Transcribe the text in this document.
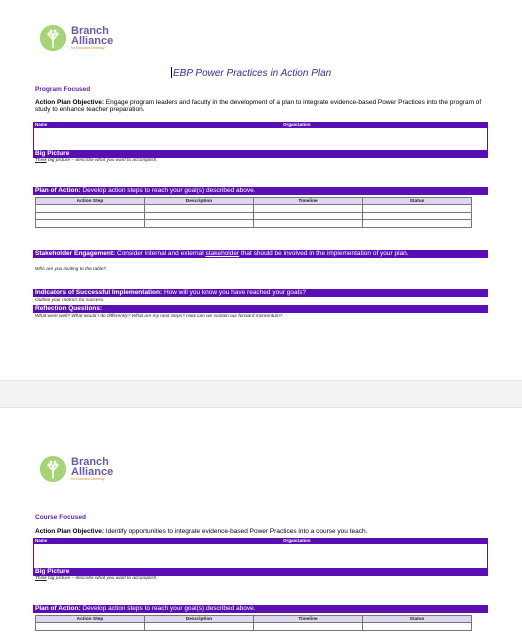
Branch
Alliance
for Educator Diversity
EBP Power Practices in Action Plan
Program Focused
Action Plan Objective: Engage program leaders and faculty in the development of a plan to integrate evidence-based Power Practices into the program of study to enhance teacher preparation.
Name	Organization
Big Picture
Think big picture – describe what you want to accomplish.
Plan of Action: Develop action steps to reach your goal(s) described above.
Action Step	Description	Timeline	Status

Stakeholder Engagement: Consider internal and external stakeholder that should be involved in the implementation of your plan.
Who are you inviting to the table?
Indicators of Successful Implementation: How will you know you have reached your goals?
Outline your metrics for success.
Reflection Questions:
What went well? What would I do differently? What are my next steps? How can we sustain our forward momentum?
Branch
Alliance
for Educator Diversity
Course Focused
Action Plan Objective: Identify opportunities to integrate evidence-based Power Practices into a course you teach.
Name	Organization
Big Picture
Think big picture – describe what you want to accomplish.
Plan of Action: Develop action steps to reach your goal(s) described above.
Action Step	Description	Timeline	Status
